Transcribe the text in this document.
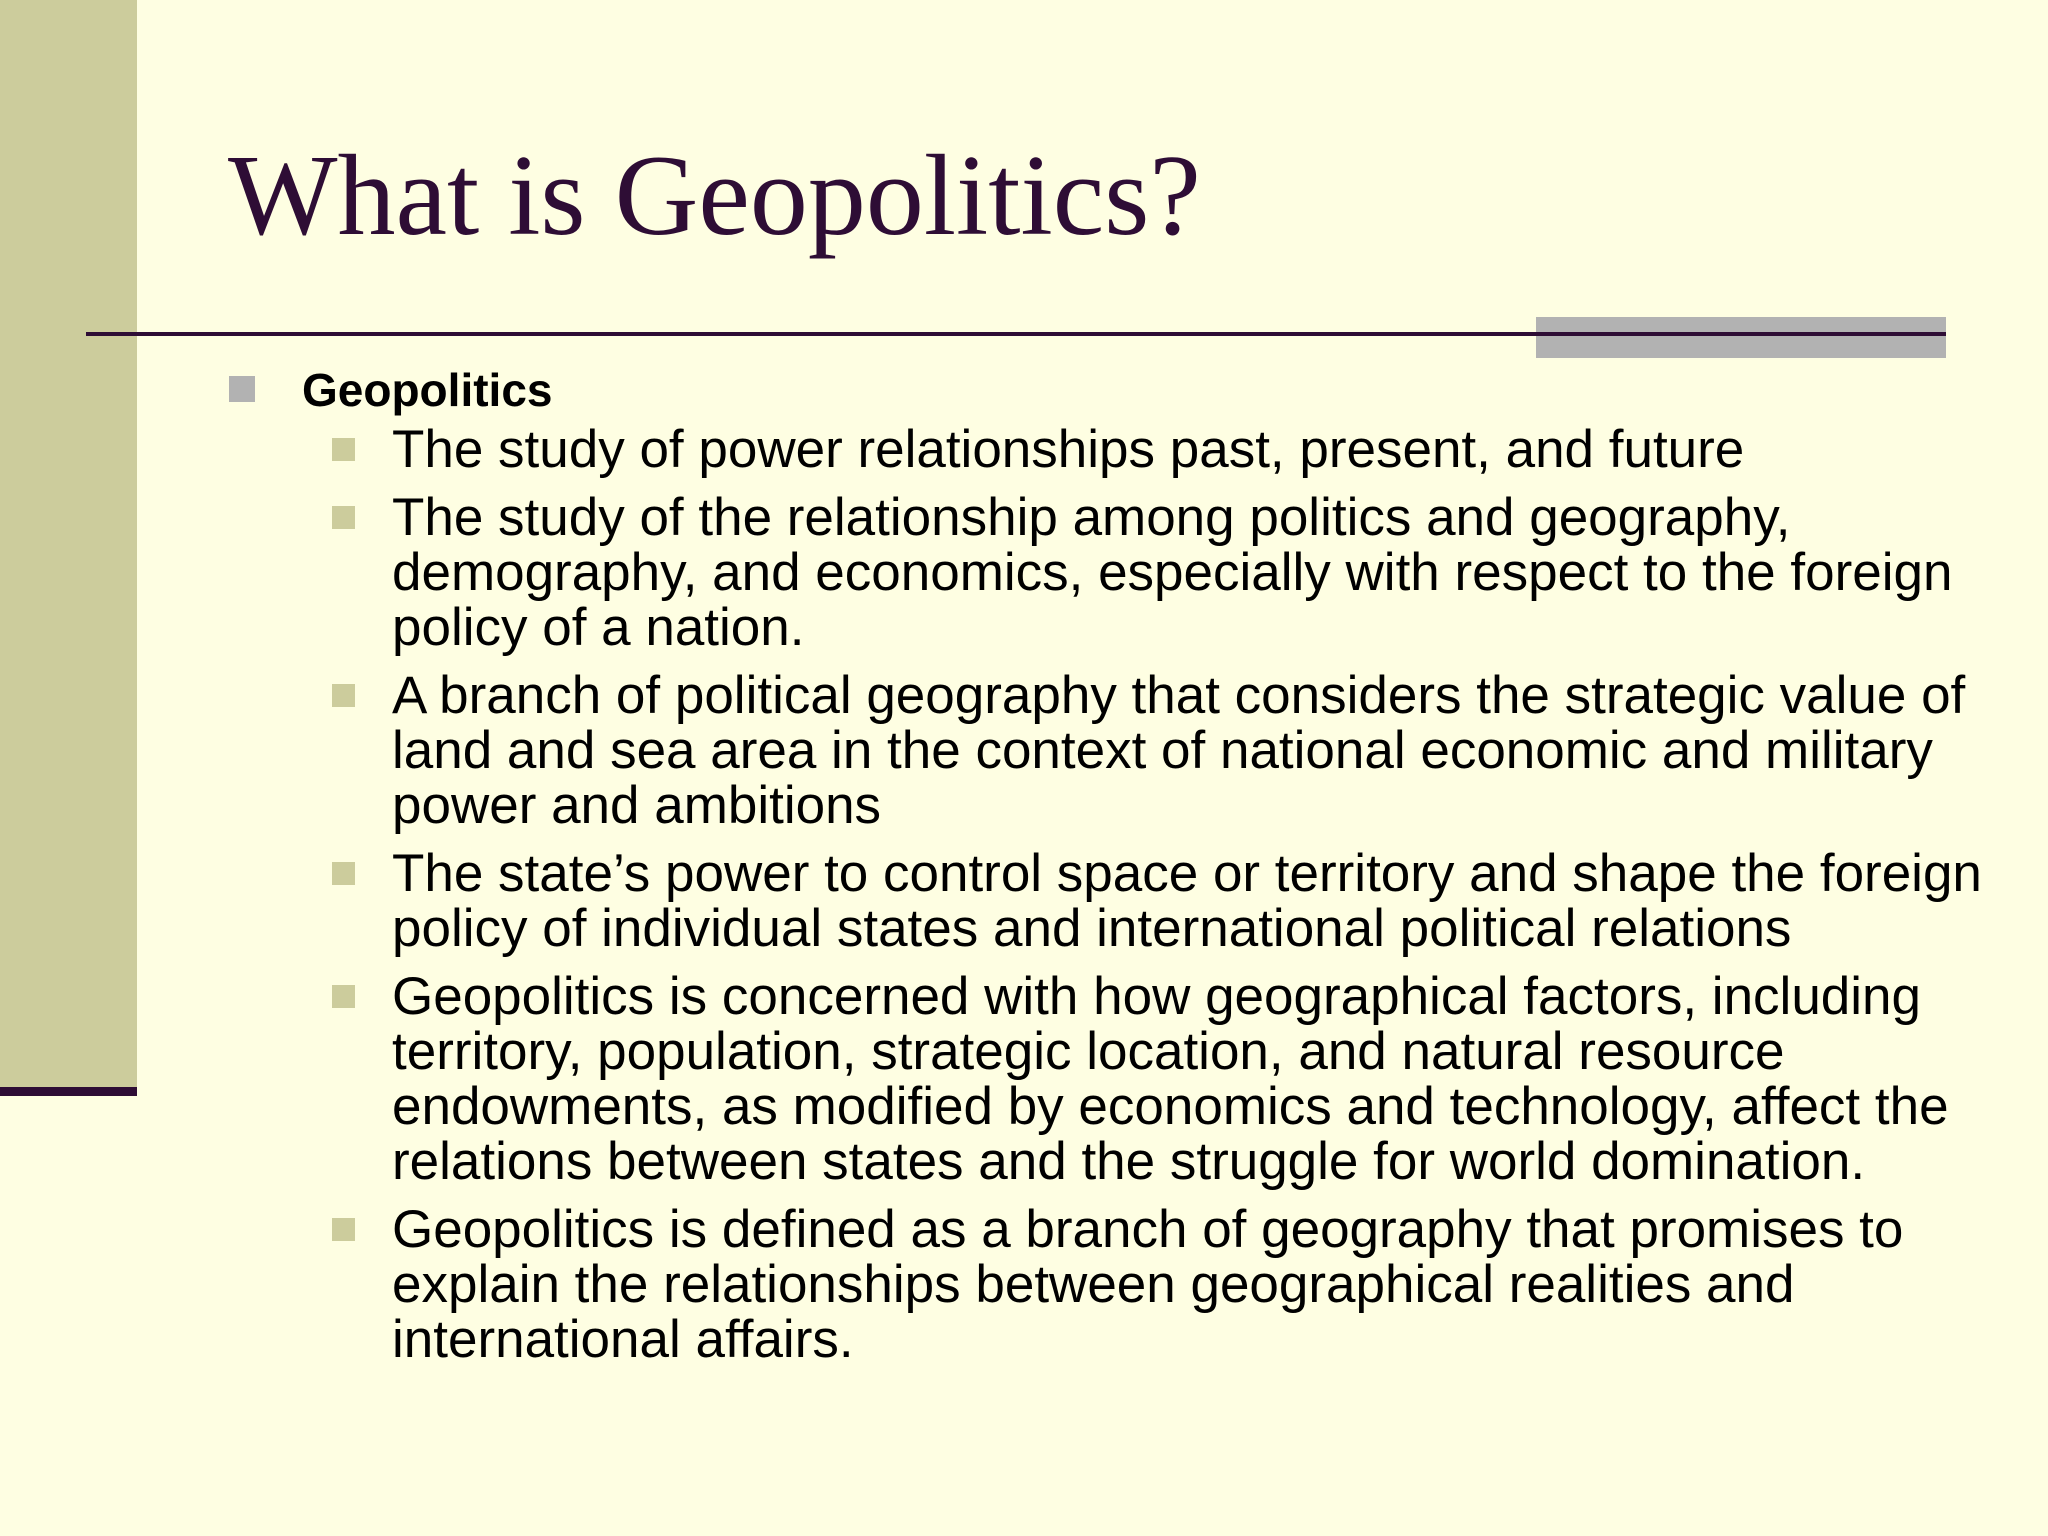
What is Geopolitics?
Geopolitics
The study of power relationships past, present, and future
The study of the relationship among politics and geography, demography, and economics, especially with respect to the foreign policy of a nation.
A branch of political geography that considers the strategic value of land and sea area in the context of national economic and military power and ambitions
The state’s power to control space or territory and shape the foreign policy of individual states and international political relations
Geopolitics is concerned with how geographical factors, including territory, population, strategic location, and natural resource endowments, as modified by economics and technology, affect the relations between states and the struggle for world domination.
Geopolitics is defined as a branch of geography that promises to explain the relationships between geographical realities and international affairs.
